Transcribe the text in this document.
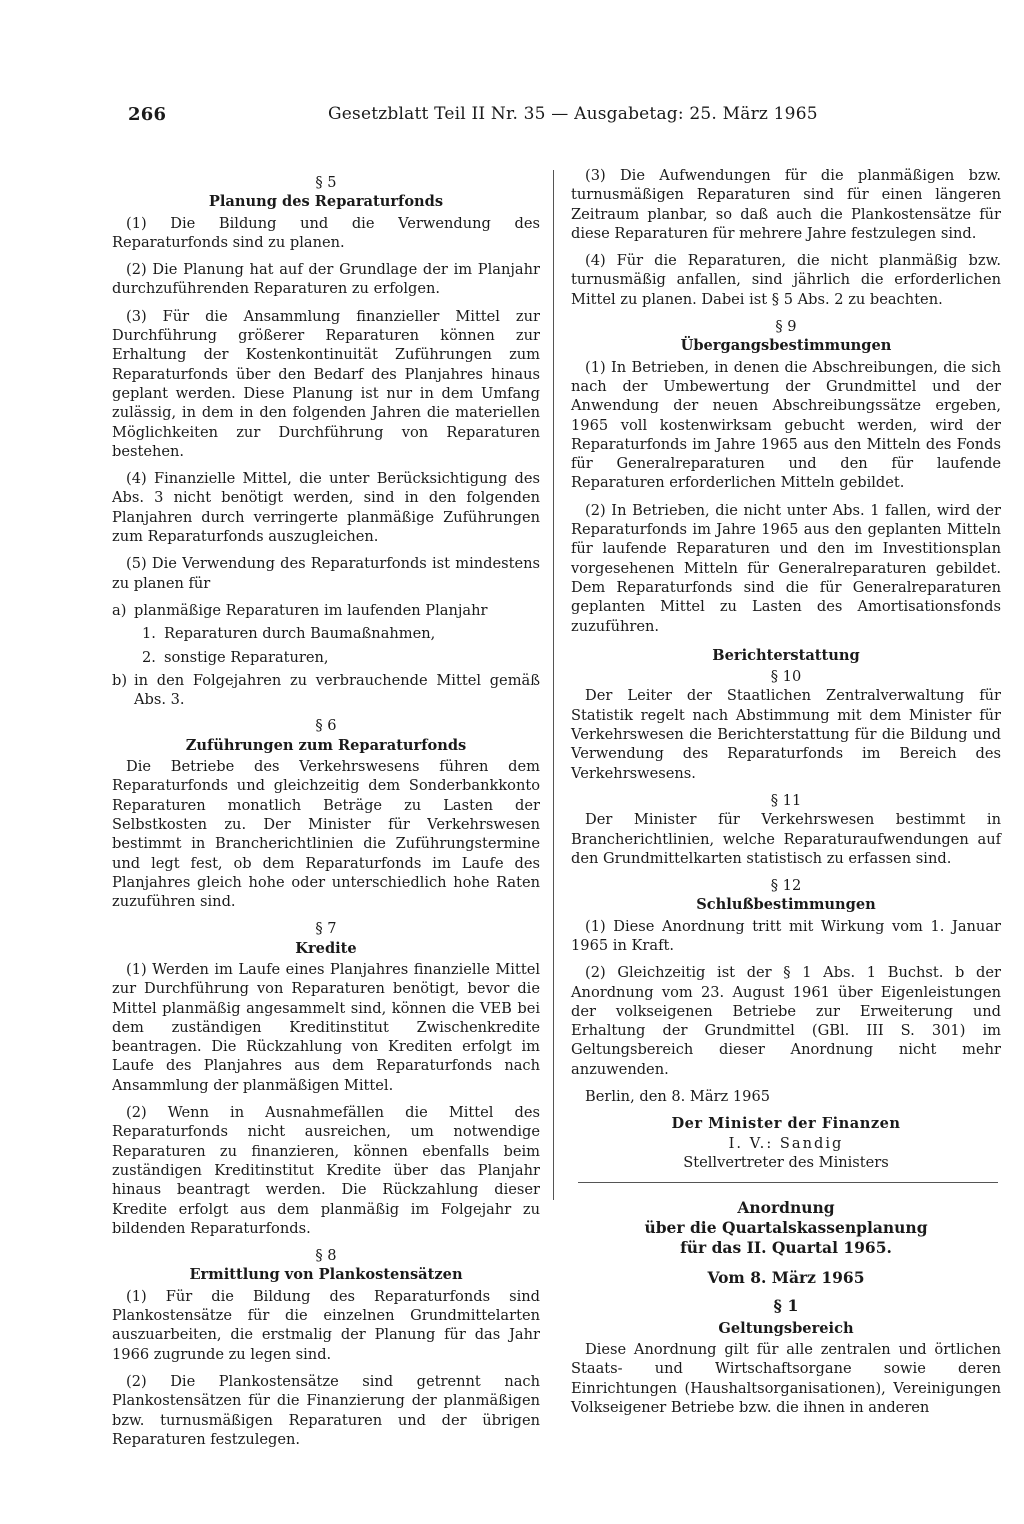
266	Gesetzblatt Teil II Nr. 35 — Ausgabetag: 25. März 1965
§ 5
Planung des Reparaturfonds

(1) Die Bildung und die Verwendung des Reparaturfonds sind zu planen.

(2) Die Planung hat auf der Grundlage der im Planjahr durchzuführenden Reparaturen zu erfolgen.

(3) Für die Ansammlung finanzieller Mittel zur Durchführung größerer Reparaturen können zur Erhaltung der Kostenkontinuität Zuführungen zum Reparaturfonds über den Bedarf des Planjahres hinaus geplant werden. Diese Planung ist nur in dem Umfang zulässig, in dem in den folgenden Jahren die materiellen Möglichkeiten zur Durchführung von Reparaturen bestehen.

(4) Finanzielle Mittel, die unter Berücksichtigung des Abs. 3 nicht benötigt werden, sind in den folgenden Planjahren durch verringerte planmäßige Zuführungen zum Reparaturfonds auszugleichen.

(5) Die Verwendung des Reparaturfonds ist mindestens zu planen für

a) planmäßige Reparaturen im laufenden Planjahr
1. Reparaturen durch Baumaßnahmen,
2. sonstige Reparaturen,
b) in den Folgejahren zu verbrauchende Mittel gemäß Abs. 3.
§ 6
Zuführungen zum Reparaturfonds

Die Betriebe des Verkehrswesens führen dem Reparaturfonds und gleichzeitig dem Sonderbankkonto Reparaturen monatlich Beträge zu Lasten der Selbstkosten zu. Der Minister für Verkehrswesen bestimmt in Brancherichtlinien die Zuführungstermine und legt fest, ob dem Reparaturfonds im Laufe des Planjahres gleich hohe oder unterschiedlich hohe Raten zuzuführen sind.

§ 7
Kredite

(1) Werden im Laufe eines Planjahres finanzielle Mittel zur Durchführung von Reparaturen benötigt, bevor die Mittel planmäßig angesammelt sind, können die VEB bei dem zuständigen Kreditinstitut Zwischenkredite beantragen. Die Rückzahlung von Krediten erfolgt im Laufe des Planjahres aus dem Reparaturfonds nach Ansammlung der planmäßigen Mittel.

(2) Wenn in Ausnahmefällen die Mittel des Reparaturfonds nicht ausreichen, um notwendige Reparaturen zu finanzieren, können ebenfalls beim zuständigen Kreditinstitut Kredite über das Planjahr hinaus beantragt werden. Die Rückzahlung dieser Kredite erfolgt aus dem planmäßig im Folgejahr zu bildenden Reparaturfonds.

§ 8
Ermittlung von Plankostensätzen

(1) Für die Bildung des Reparaturfonds sind Plankostensätze für die einzelnen Grundmittelarten auszuarbeiten, die erstmalig der Planung für das Jahr 1966 zugrunde zu legen sind.

(2) Die Plankostensätze sind getrennt nach Plankostensätzen für die Finanzierung der planmäßigen bzw. turnusmäßigen Reparaturen und der übrigen Reparaturen festzulegen.

(3) Die Aufwendungen für die planmäßigen bzw. turnusmäßigen Reparaturen sind für einen längeren Zeitraum planbar, so daß auch die Plankostensätze für diese Reparaturen für mehrere Jahre festzulegen sind.

(4) Für die Reparaturen, die nicht planmäßig bzw. turnusmäßig anfallen, sind jährlich die erforderlichen Mittel zu planen. Dabei ist § 5 Abs. 2 zu beachten.

§ 9
Übergangsbestimmungen

(1) In Betrieben, in denen die Abschreibungen, die sich nach der Umbewertung der Grundmittel und der Anwendung der neuen Abschreibungssätze ergeben, 1965 voll kostenwirksam gebucht werden, wird der Reparaturfonds im Jahre 1965 aus den Mitteln des Fonds für Generalreparaturen und den für laufende Reparaturen erforderlichen Mitteln gebildet.

(2) In Betrieben, die nicht unter Abs. 1 fallen, wird der Reparaturfonds im Jahre 1965 aus den geplanten Mitteln für laufende Reparaturen und den im Investitionsplan vorgesehenen Mitteln für Generalreparaturen gebildet. Dem Reparaturfonds sind die für Generalreparaturen geplanten Mittel zu Lasten des Amortisationsfonds zuzuführen.

Berichterstattung
§ 10

Der Leiter der Staatlichen Zentralverwaltung für Statistik regelt nach Abstimmung mit dem Minister für Verkehrswesen die Berichterstattung für die Bildung und Verwendung des Reparaturfonds im Bereich des Verkehrswesens.

§ 11

Der Minister für Verkehrswesen bestimmt in Brancherichtlinien, welche Reparaturaufwendungen auf den Grundmittelkarten statistisch zu erfassen sind.

§ 12
Schlußbestimmungen

(1) Diese Anordnung tritt mit Wirkung vom 1. Januar 1965 in Kraft.

(2) Gleichzeitig ist der § 1 Abs. 1 Buchst. b der Anordnung vom 23. August 1961 über Eigenleistungen der volkseigenen Betriebe zur Erweiterung und Erhaltung der Grundmittel (GBl. III S. 301) im Geltungsbereich dieser Anordnung nicht mehr anzuwenden.

Berlin, den 8. März 1965

Der Minister der Finanzen
I. V.: Sandig
Stellvertreter des Ministers
Anordnung
über die Quartalskassenplanung
für das II. Quartal 1965.
Vom 8. März 1965
§ 1
Geltungsbereich

Diese Anordnung gilt für alle zentralen und örtlichen Staats- und Wirtschaftsorgane sowie deren Einrichtungen (Haushaltsorganisationen), Vereinigungen Volkseigener Betriebe bzw. die ihnen in anderen
